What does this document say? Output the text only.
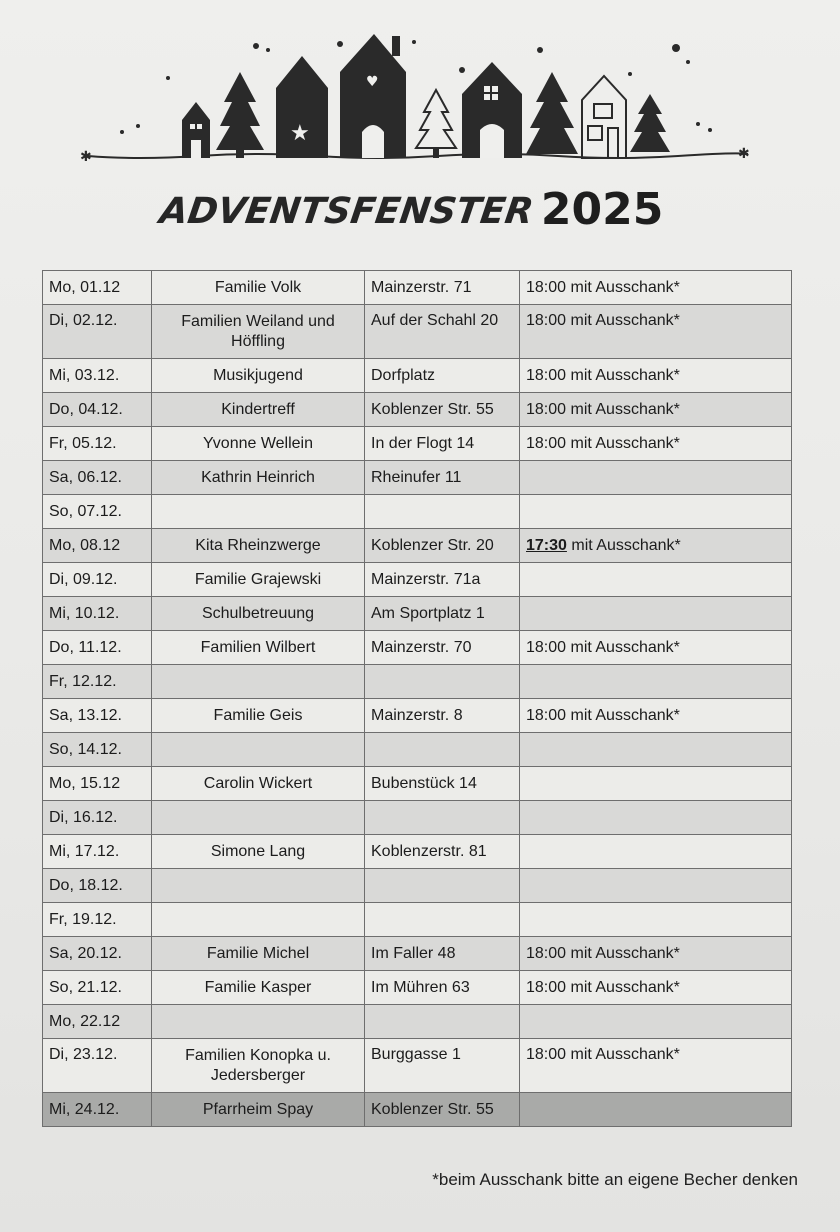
✱	✱
★
♥
ADVENTSFENSTER 2025
Mo, 01.12	Familie Volk	Mainzerstr. 71	18:00 mit Ausschank*
Di, 02.12.	Familien Weiland und Höffling	Auf der Schahl 20	18:00 mit Ausschank*
Mi, 03.12.	Musikjugend	Dorfplatz	18:00 mit Ausschank*
Do, 04.12.	Kindertreff	Koblenzer Str. 55	18:00 mit Ausschank*
Fr, 05.12.	Yvonne Wellein	In der Flogt 14	18:00 mit Ausschank*
Sa, 06.12.	Kathrin Heinrich	Rheinufer 11	
So, 07.12.			
Mo, 08.12	Kita Rheinzwerge	Koblenzer Str. 20	17:30 mit Ausschank*
Di, 09.12.	Familie Grajewski	Mainzerstr. 71a	
Mi, 10.12.	Schulbetreuung	Am Sportplatz 1	
Do, 11.12.	Familien Wilbert	Mainzerstr. 70	18:00 mit Ausschank*
Fr, 12.12.			
Sa, 13.12.	Familie Geis	Mainzerstr. 8	18:00 mit Ausschank*
So, 14.12.			
Mo, 15.12	Carolin Wickert	Bubenstück 14	
Di, 16.12.			
Mi, 17.12.	Simone Lang	Koblenzerstr. 81	
Do, 18.12.			
Fr, 19.12.			
Sa, 20.12.	Familie Michel	Im Faller 48	18:00 mit Ausschank*
So, 21.12.	Familie Kasper	Im Mühren 63	18:00 mit Ausschank*
Mo, 22.12			
Di, 23.12.	Familien Konopka u. Jedersberger	Burggasse 1	18:00 mit Ausschank*
Mi, 24.12.	Pfarrheim Spay	Koblenzer Str. 55	
*beim Ausschank bitte an eigene Becher denken
